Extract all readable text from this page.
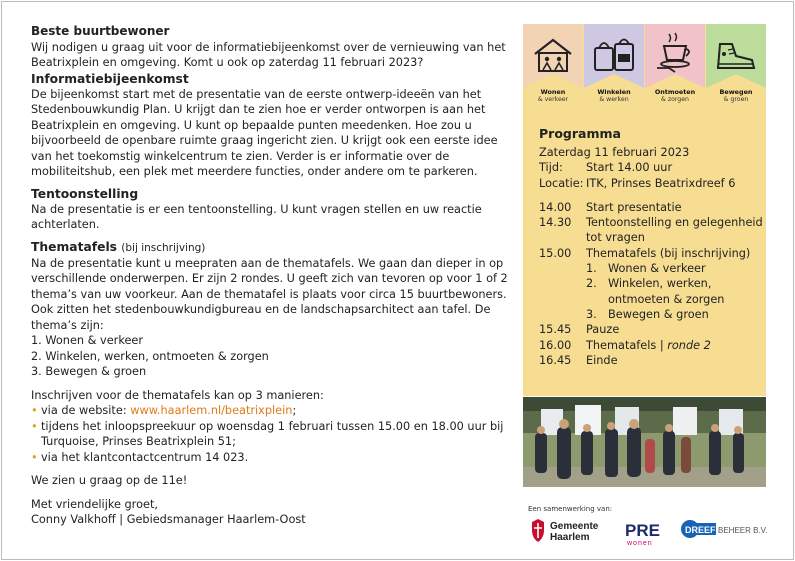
Beste buurtbewoner

Wij nodigen u graag uit voor de informatiebijeenkomst over de vernieuwing van het Beatrixplein en omgeving. Komt u ook op zaterdag 11 februari 2023?

Informatiebijeenkomst

De bijeenkomst start met de presentatie van de eerste ontwerp-ideeën van het Stedenbouwkundig Plan. U krijgt dan te zien hoe er verder ontworpen is aan het Beatrixplein en omgeving. U kunt op bepaalde punten meedenken. Hoe zou u bijvoorbeeld de openbare ruimte graag ingericht zien. U krijgt ook een eerste idee van het toekomstig winkelcentrum te zien. Verder is er informatie over de mobiliteitshub, een plek met meerdere functies, onder andere om te parkeren.

Tentoonstelling

Na de presentatie is er een tentoonstelling. U kunt vragen stellen en uw reactie achterlaten.

Thematafels (bij inschrijving)

Na de presentatie kunt u meepraten aan de thematafels. We gaan dan dieper in op verschillende onderwerpen. Er zijn 2 rondes. U geeft zich van tevoren op voor 1 of 2 thema’s van uw voorkeur. Aan de thematafel is plaats voor circa 15 buurtbewoners. Ook zitten het stedenbouwkundigbureau en de landschapsarchitect aan tafel. De thema’s zijn:

1. Wonen & verkeer

2. Winkelen, werken, ontmoeten & zorgen

3. Bewegen & groen

Inschrijven voor de thematafels kan op 3 manieren:

• via de website: www.haarlem.nl/beatrixplein;
• tijdens het inloopspreekuur op woensdag 1 februari tussen 15.00 en 18.00 uur bij Turquoise, Prinses Beatrixplein 51;
• via het klantcontactcentrum 14 023.

We zien u graag op de 11e!

Met vriendelijke groet,

Conny Valkhoff | Gebiedsmanager Haarlem-Oost

Wonen
& verkeer
Winkelen
& werken
Ontmoeten
& zorgen
Bewegen
& groen

Programma

Zaterdag 11 februari 2023

Tijd:	Start 14.00 uur
Locatie: ITK, Prinses Beatrixdreef 6
14.00	Start presentatie
14.30	Tentoonstelling en gelegenheid tot vragen
15.00	Thematafels (bij inschrijving)
1. Wonen & verkeer
2. Winkelen, werken, ontmoeten & zorgen
3. Bewegen & groen
15.45	Pauze
16.00	Thematafels | ronde 2
16.45	Einde
Een samenwerking van:
Gemeente
Haarlem PRE
wonen
DREEF BEHEER B.V.
